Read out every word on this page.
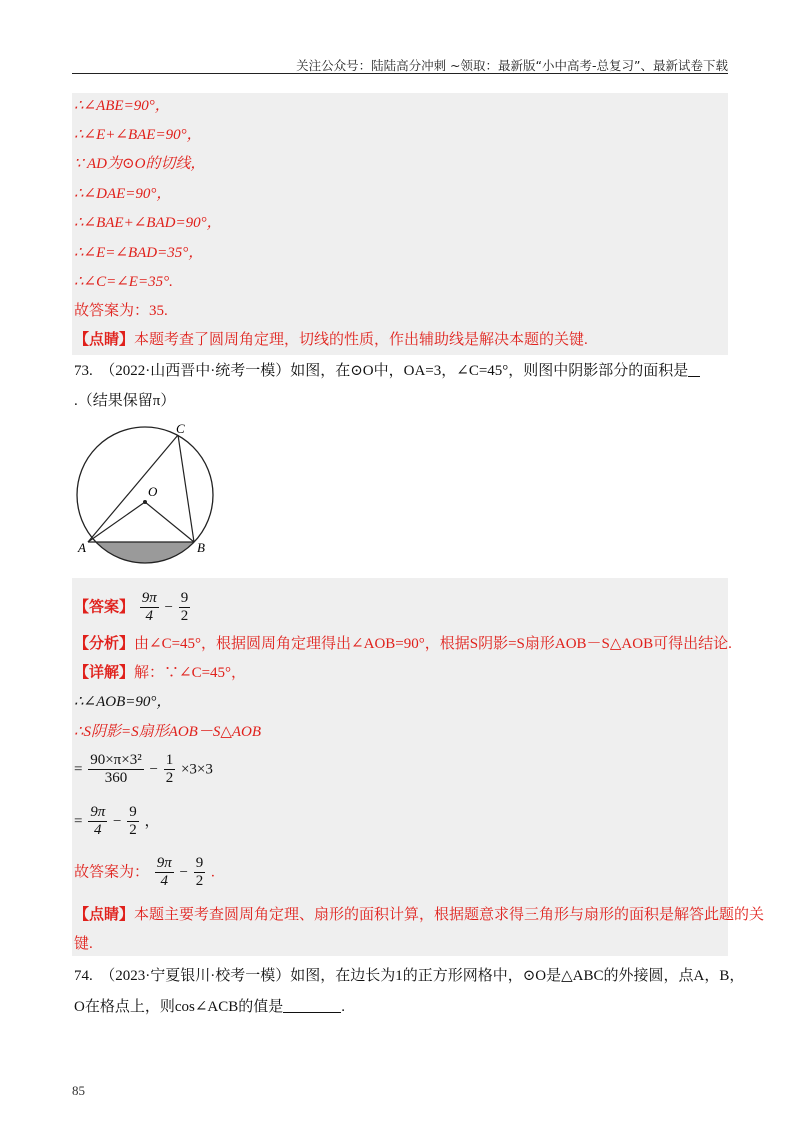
关注公众号：陆陆高分冲刺 ~领取：最新版“小中高考-总复习”、最新试卷下载
∴∠ABE=90°，
∴∠E+∠BAE=90°，
∵ AD为⊙O的切线，
∴∠DAE=90°，
∴∠BAE+∠BAD=90°，
∴∠E=∠BAD=35°，
∴∠C=∠E=35°.
故答案为：35.
【点睛】本题考查了圆周角定理，切线的性质，作出辅助线是解决本题的关键.
73.　（2022·山西晋中·统考一模）如图，在⊙O中，OA=3，∠C=45°，则图中阴影部分的面积是
.（结果保留π）
C
O
A	B
【答案】 $\frac{9\pi}{4} - \frac{9}{2}$
【分析】由∠C=45°，根据圆周角定理得出∠AOB=90°，根据S阴影=S扇形AOB－S△AOB可得出结论.
【详解】解：∵∠C=45°，
∴∠AOB=90°，
∴S阴影=S扇形AOB－S△AOB
= $\frac{\text{90×π×3²}}{360} - \frac{1}{2} \times 3\times 3$
= $\frac{9\pi}{4} - \frac{9}{2}$ ，
故答案为： $\frac{9\pi}{4} - \frac{9}{2}$ .
【点睛】本题主要考查圆周角定理、扇形的面积计算，根据题意求得三角形与扇形的面积是解答此题的关
键.
74.　（2023·宁夏银川·校考一模）如图，在边长为1的正方形网格中，⊙O是△ABC的外接圆，点A，B，
O在格点上，则cos∠ACB的值是	.
85
